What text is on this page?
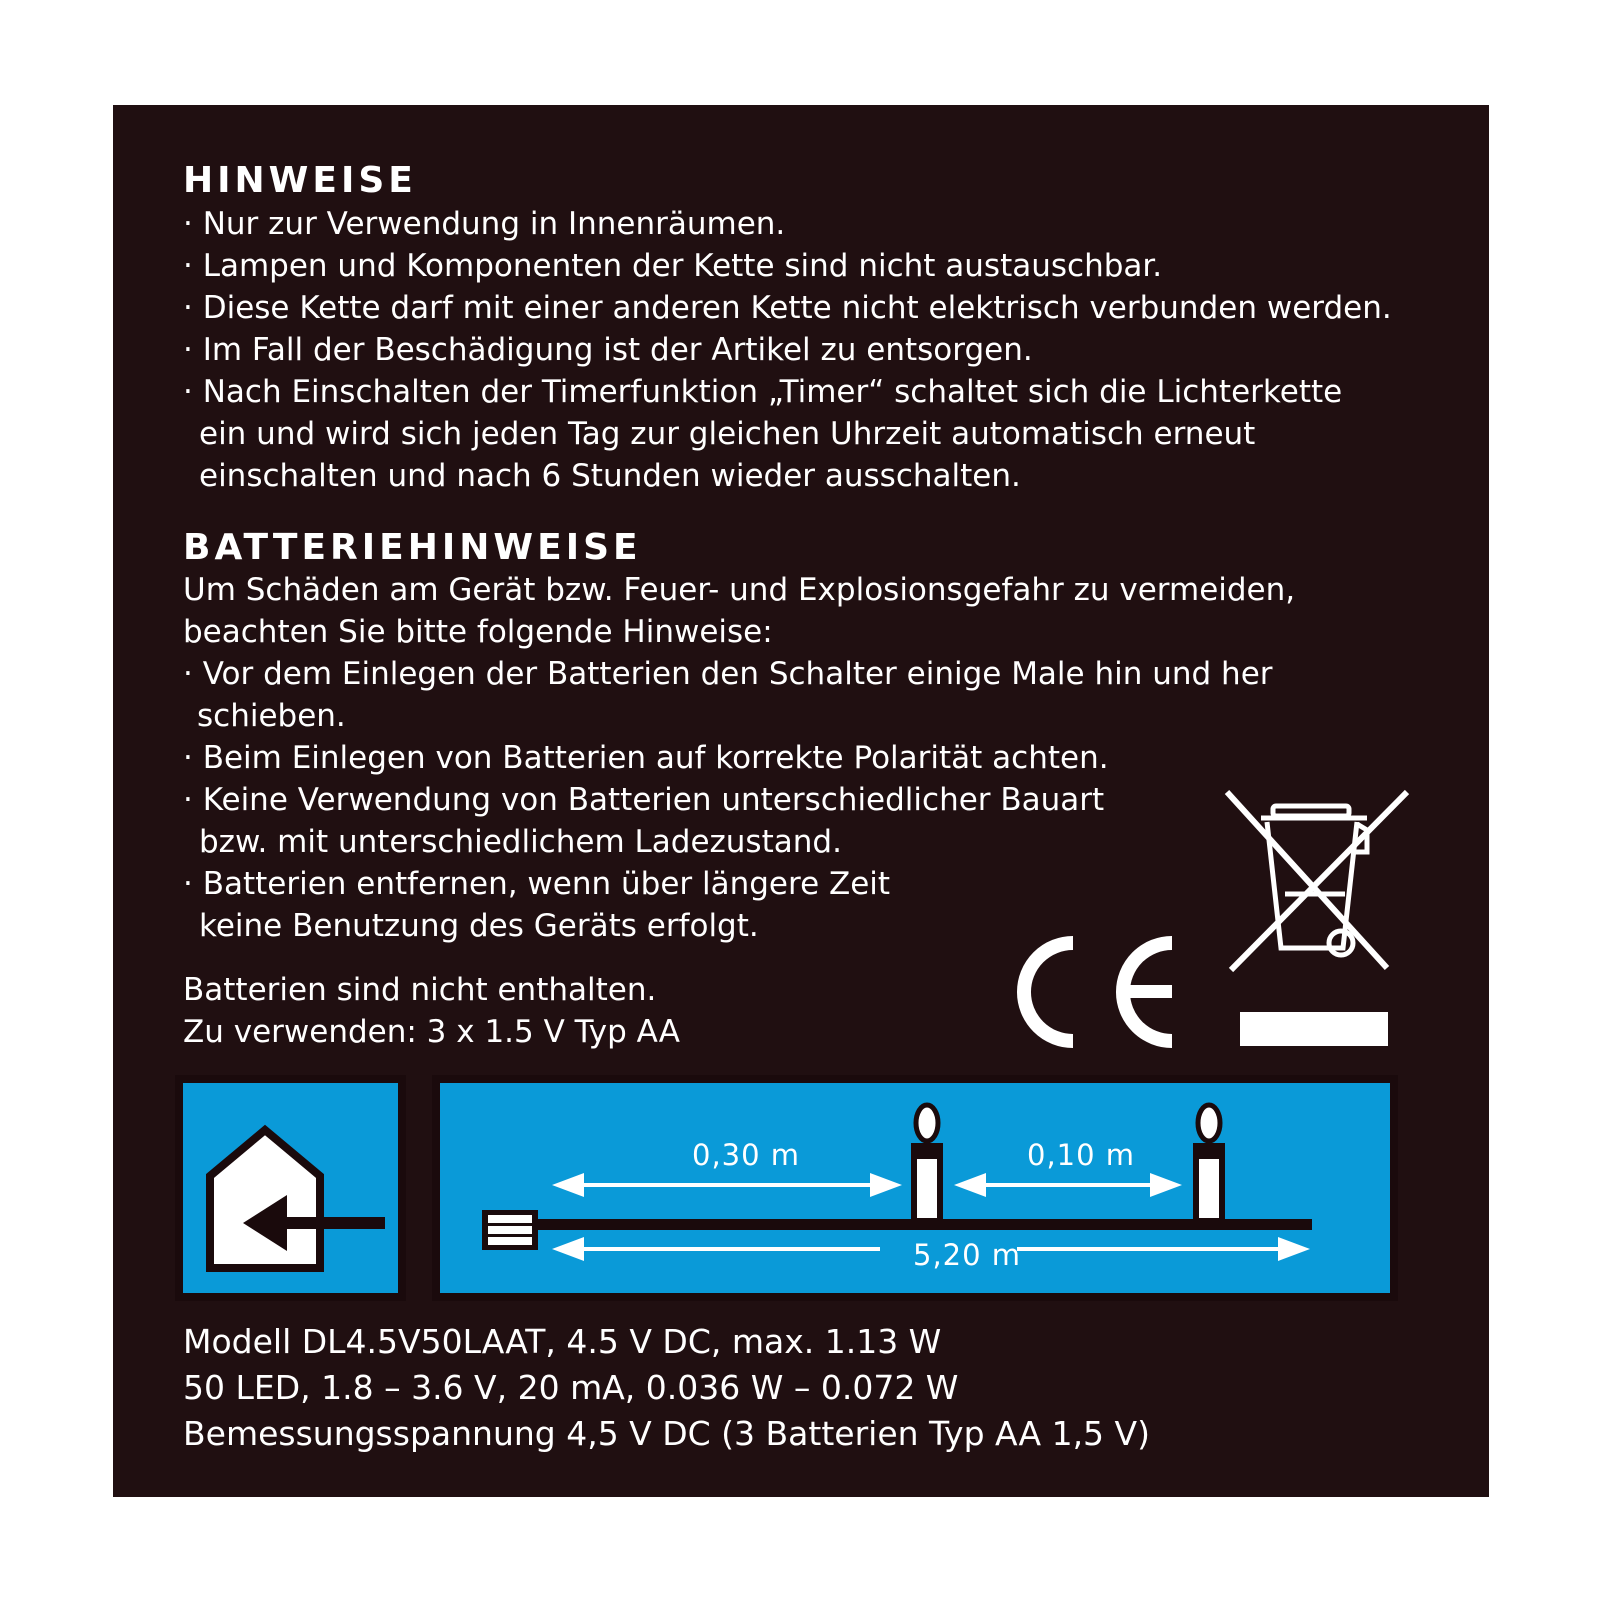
HINWEISE

· Nur zur Verwendung in Innenräumen.

· Lampen und Komponenten der Kette sind nicht austauschbar.

· Diese Kette darf mit einer anderen Kette nicht elektrisch verbunden werden.

· Im Fall der Beschädigung ist der Artikel zu entsorgen.

· Nach Einschalten der Timerfunktion „Timer“ schaltet sich die Lichterkette

ein und wird sich jeden Tag zur gleichen Uhrzeit automatisch erneut

einschalten und nach 6 Stunden wieder ausschalten.

BATTERIEHINWEISE

Um Schäden am Gerät bzw. Feuer- und Explosionsgefahr zu vermeiden,

beachten Sie bitte folgende Hinweise:

· Vor dem Einlegen der Batterien den Schalter einige Male hin und her

schieben.

· Beim Einlegen von Batterien auf korrekte Polarität achten.

· Keine Verwendung von Batterien unterschiedlicher Bauart

bzw. mit unterschiedlichem Ladezustand.

· Batterien entfernen, wenn über längere Zeit

keine Benutzung des Geräts erfolgt.

Batterien sind nicht enthalten.

Zu verwenden: 3 x 1.5 V Typ AA

0,30 m	0,10 m

5,20 m

Modell DL4.5V50LAAT, 4.5 V DC, max. 1.13 W

50 LED, 1.8 – 3.6 V, 20 mA, 0.036 W – 0.072 W

Bemessungsspannung 4,5 V DC (3 Batterien Typ AA 1,5 V)
